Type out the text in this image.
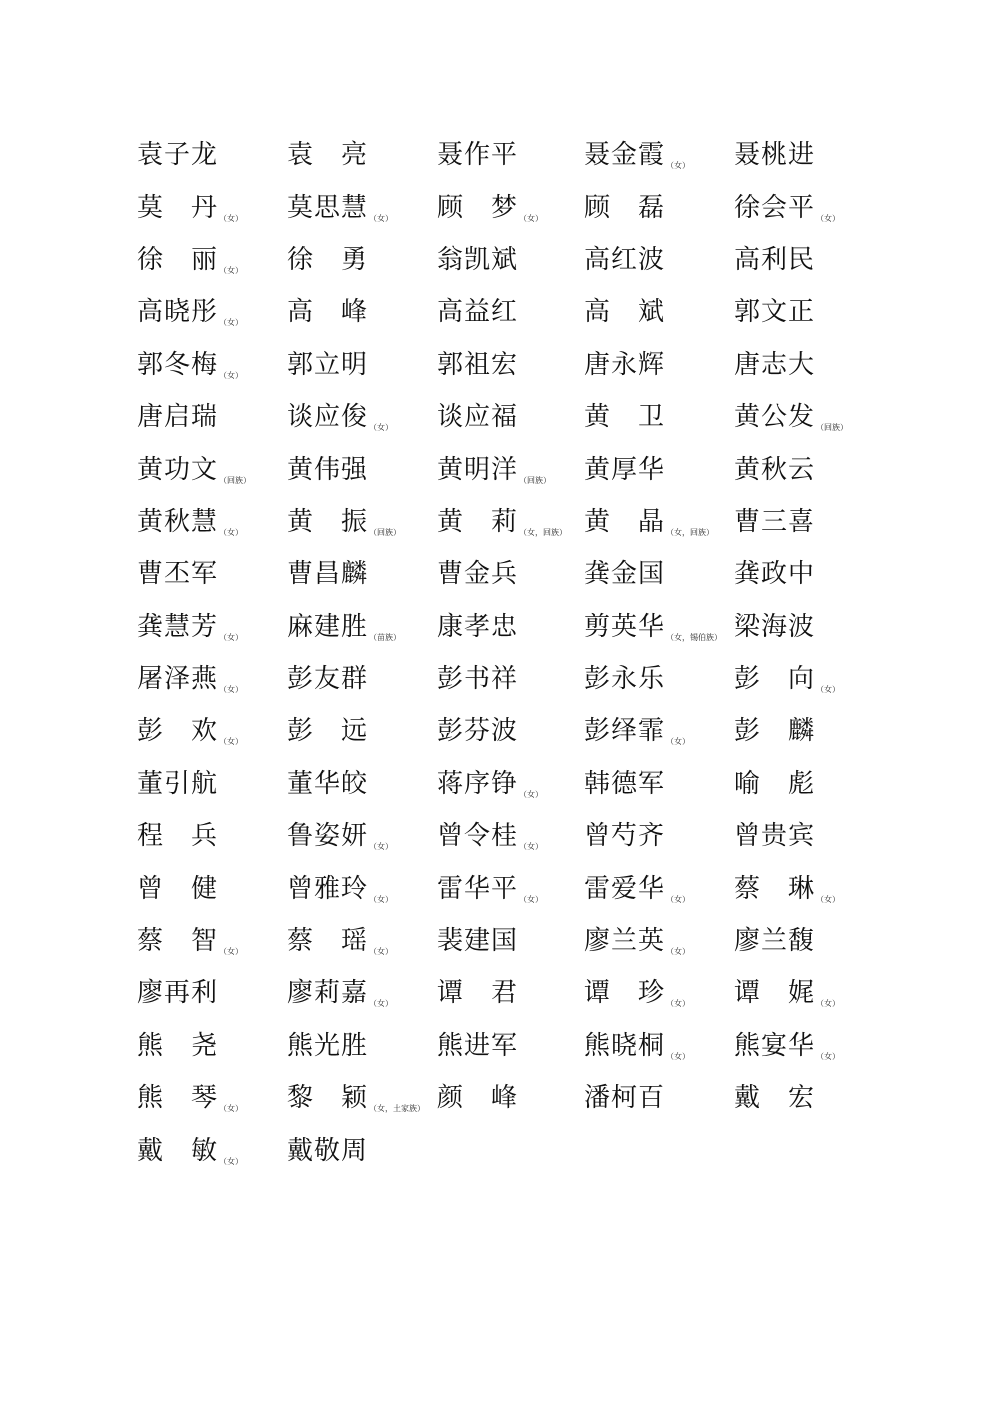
袁子龙	袁　亮	聂作平	聂金霞 （女） 聂桃进
莫　丹 （女） 莫思慧 （女） 顾　梦 （女） 顾　磊	徐会平 （女）
徐　丽 （女） 徐　勇	翁凯斌	高红波	高利民
高晓彤 （女） 高　峰	高益红	高　斌	郭文正
郭冬梅 （女） 郭立明	郭祖宏	唐永辉	唐志大
唐启瑞	谈应俊 （女） 谈应福	黄　卫	黄公发 （回族）
黄功文 （回族） 黄伟强	黄明洋 （回族） 黄厚华	黄秋云
黄秋慧 （女） 黄　振 （回族） 黄　莉 （女，回族） 黄　晶 （女，回族） 曹三喜
曹丕军	曹昌麟	曹金兵	龚金国	龚政中
龚慧芳 （女） 麻建胜 （苗族） 康孝忠	剪英华 （女，锡伯族） 梁海波
屠泽燕 （女） 彭友群	彭书祥	彭永乐	彭　向 （女）
彭　欢 （女） 彭　远	彭芬波	彭绎霏 （女） 彭　麟
董引航	董华皎	蒋序铮 （女） 韩德军	喻　彪
程　兵	鲁姿妍 （女） 曾令桂 （女） 曾芍齐	曾贵宾
曾　健	曾雅玲 （女） 雷华平 （女） 雷爱华 （女） 蔡　琳 （女）
蔡　智 （女） 蔡　瑶 （女） 裴建国	廖兰英 （女） 廖兰馥
廖再利	廖莉嘉 （女） 谭　君	谭　珍 （女） 谭　娓 （女）
熊　尧	熊光胜	熊进军	熊晓桐 （女） 熊宴华 （女）
熊　琴 （女） 黎　颖 （女，土家族） 颜　峰	潘柯百	戴　宏
戴　敏 （女） 戴敬周
